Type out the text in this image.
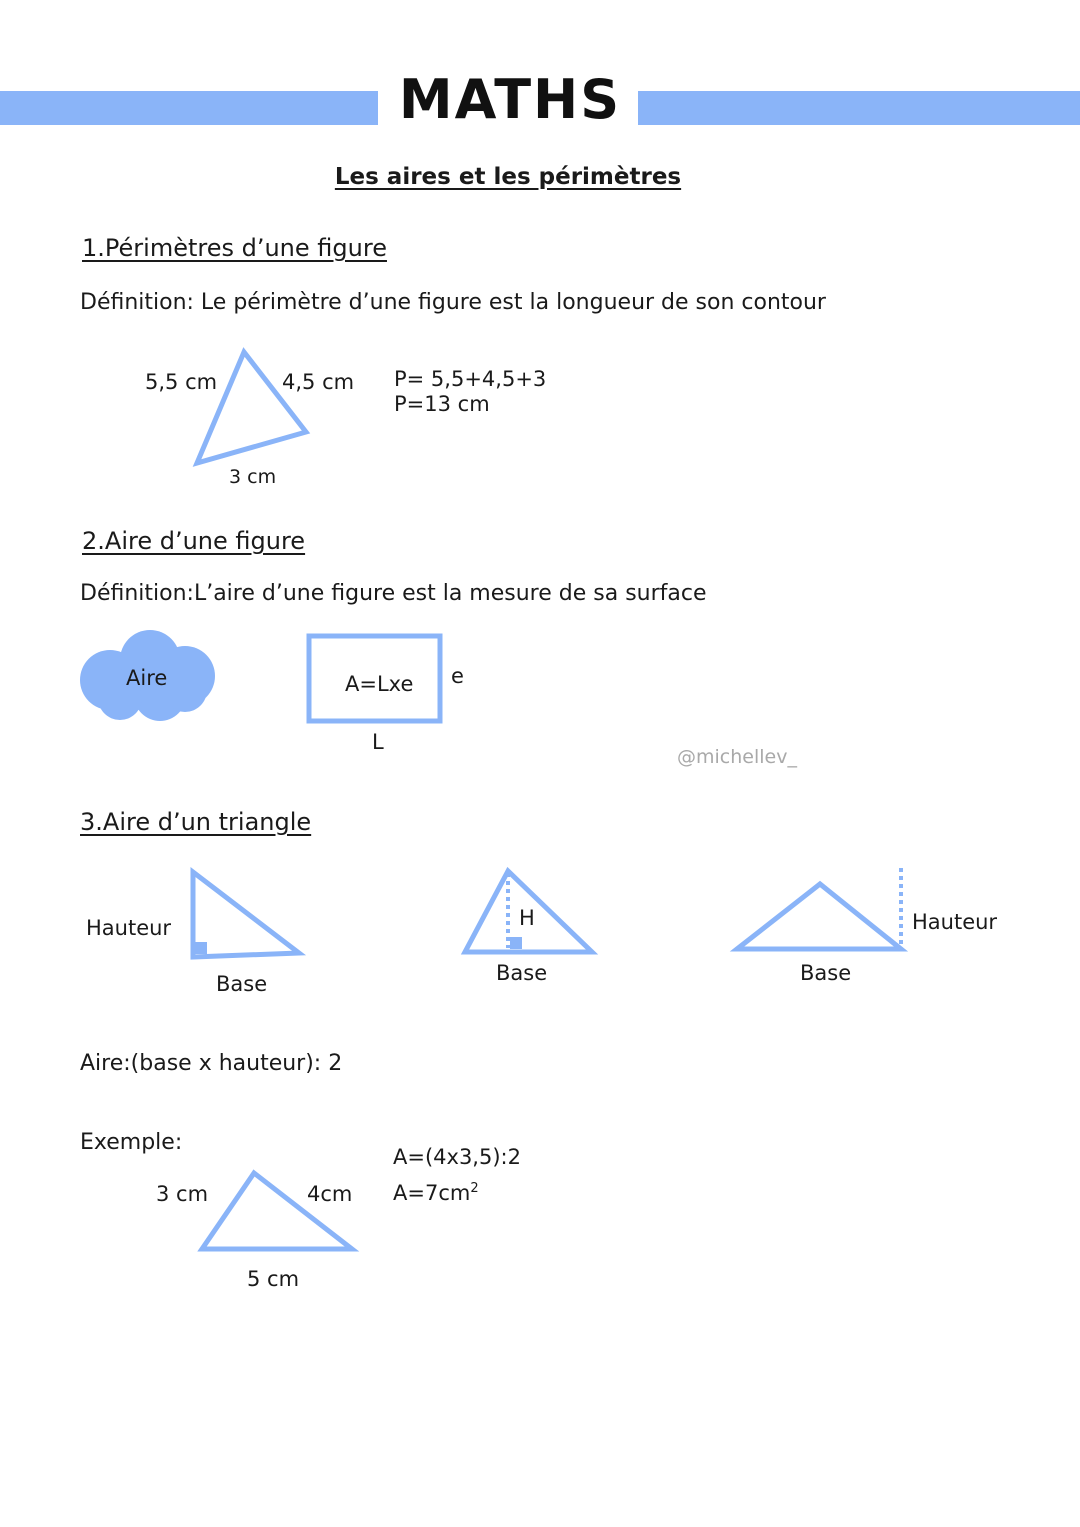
MATHS
Les aires et les périmètres
1.Périmètres d’une figure
Définition: Le périmètre d’une figure est la longueur de son contour
5,5 cm	4,5 cm
3 cm
P= 5,5+4,5+3
P=13 cm
2.Aire d’une figure
Définition:L’aire d’une figure est la mesure de sa surface
Aire	A=Lxe e
L
@michellev_
3.Aire d’un triangle
Hauteur
Base
H
Base
Hauteur
Base
Aire:(base x hauteur): 2
Exemple:
3 cm	4cm
5 cm
A=(4x3,5):2
$A=7cm^2$
